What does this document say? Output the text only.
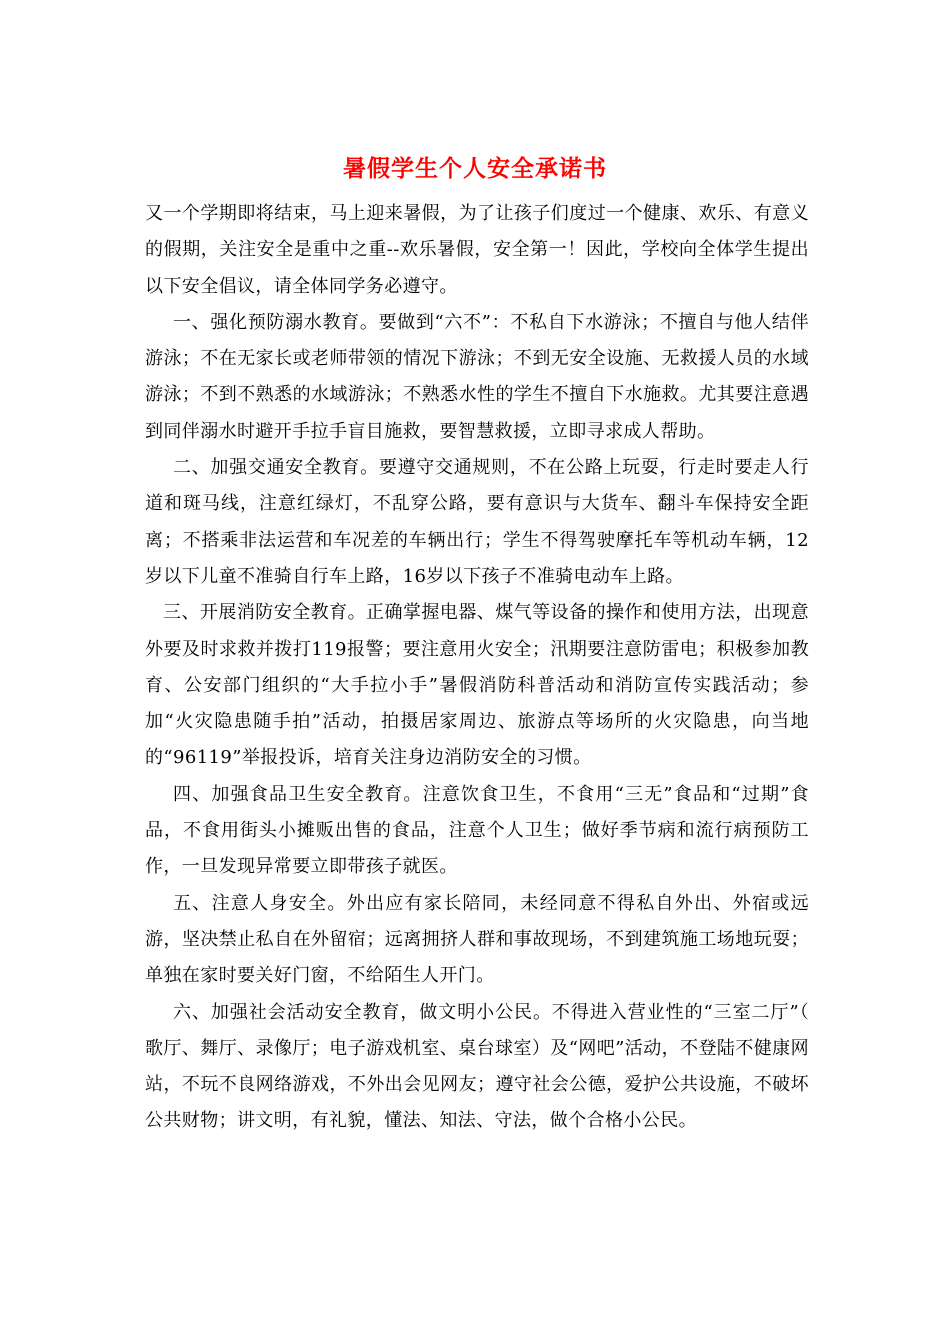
暑假学生个人安全承诺书

又一个学期即将结束，马上迎来暑假，为了让孩子们度过一个健康、欢乐、有意义的假期，关注安全是重中之重--欢乐暑假，安全第一！因此，学校向全体学生提出以下安全倡议，请全体同学务必遵守。

一、强化预防溺水教育。要做到“六不”：不私自下水游泳；不擅自与他人结伴游泳；不在无家长或老师带领的情况下游泳；不到无安全设施、无救援人员的水域游泳；不到不熟悉的水域游泳；不熟悉水性的学生不擅自下水施救。尤其要注意遇到同伴溺水时避开手拉手盲目施救，要智慧救援，立即寻求成人帮助。

二、加强交通安全教育。要遵守交通规则，不在公路上玩耍，行走时要走人行道和斑马线，注意红绿灯，不乱穿公路，要有意识与大货车、翻斗车保持安全距离；不搭乘非法运营和车况差的车辆出行；学生不得驾驶摩托车等机动车辆，12岁以下儿童不准骑自行车上路，16岁以下孩子不准骑电动车上路。

三、开展消防安全教育。正确掌握电器、煤气等设备的操作和使用方法，出现意外要及时求救并拨打119报警；要注意用火安全；汛期要注意防雷电；积极参加教育、公安部门组织的“大手拉小手”暑假消防科普活动和消防宣传实践活动；参加“火灾隐患随手拍”活动，拍摄居家周边、旅游点等场所的火灾隐患，向当地的“96119”举报投诉，培育关注身边消防安全的习惯。

四、加强食品卫生安全教育。注意饮食卫生，不食用“三无”食品和“过期”食品，不食用街头小摊贩出售的食品，注意个人卫生；做好季节病和流行病预防工作，一旦发现异常要立即带孩子就医。

五、注意人身安全。外出应有家长陪同，未经同意不得私自外出、外宿或远游，坚决禁止私自在外留宿；远离拥挤人群和事故现场，不到建筑施工场地玩耍；单独在家时要关好门窗，不给陌生人开门。

六、加强社会活动安全教育，做文明小公民。不得进入营业性的“三室二厅”（ 歌厅、舞厅、录像厅；电子游戏机室、桌台球室）及“网吧”活动，不登陆不健康网站，不玩不良网络游戏，不外出会见网友；遵守社会公德，爱护公共设施，不破坏公共财物；讲文明，有礼貌，懂法、知法、守法，做个合格小公民。
